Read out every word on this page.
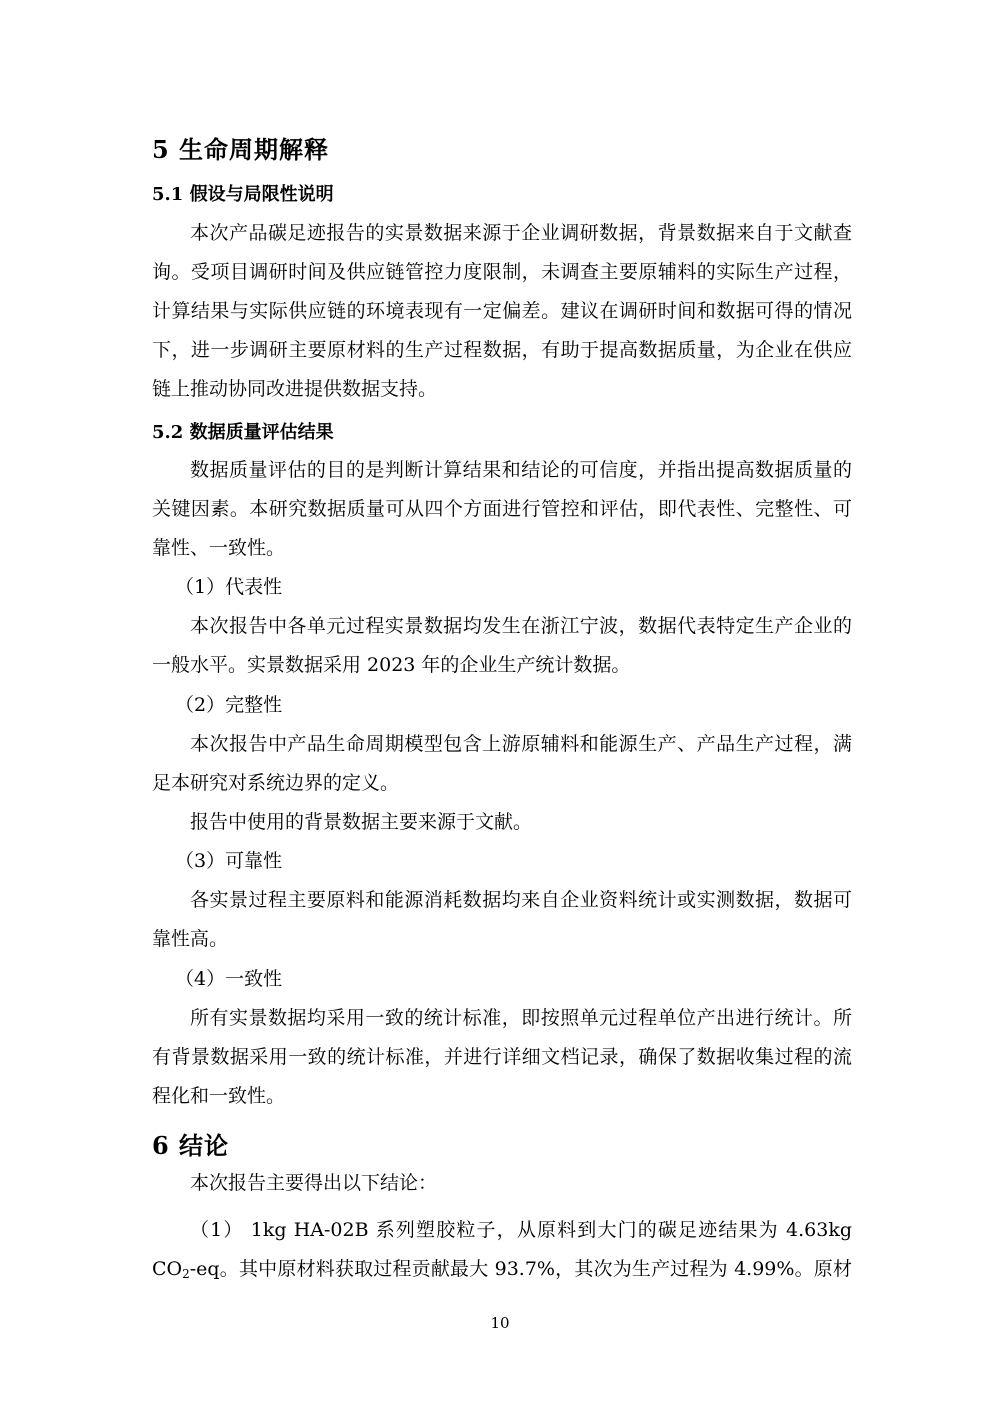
5 生命周期解释
5.1 假设与局限性说明
本次产品碳足迹报告的实景数据来源于企业调研数据，背景数据来自于文献查询。受项目调研时间及供应链管控力度限制，未调查主要原辅料的实际生产过程，计算结果与实际供应链的环境表现有一定偏差。建议在调研时间和数据可得的情况下，进一步调研主要原材料的生产过程数据，有助于提高数据质量，为企业在供应链上推动协同改进提供数据支持。
5.2 数据质量评估结果
数据质量评估的目的是判断计算结果和结论的可信度，并指出提高数据质量的关键因素。本研究数据质量可从四个方面进行管控和评估，即代表性、完整性、可靠性、一致性。
（1）代表性
本次报告中各单元过程实景数据均发生在浙江宁波，数据代表特定生产企业的一般水平。实景数据采用 2023 年的企业生产统计数据。
（2）完整性
本次报告中产品生命周期模型包含上游原辅料和能源生产、产品生产过程，满足本研究对系统边界的定义。
报告中使用的背景数据主要来源于文献。
（3）可靠性
各实景过程主要原料和能源消耗数据均来自企业资料统计或实测数据，数据可靠性高。
（4）一致性
所有实景数据均采用一致的统计标准，即按照单元过程单位产出进行统计。所有背景数据采用一致的统计标准，并进行详细文档记录，确保了数据收集过程的流程化和一致性。
6 结论
本次报告主要得出以下结论：
（1） 1kg HA-02B 系列塑胶粒子，从原料到大门的碳足迹结果为 4.63kg
$CO_2-eq$。其中原材料获取过程贡献最大 93.7%，其次为生产过程为 4.99%。原材
10
